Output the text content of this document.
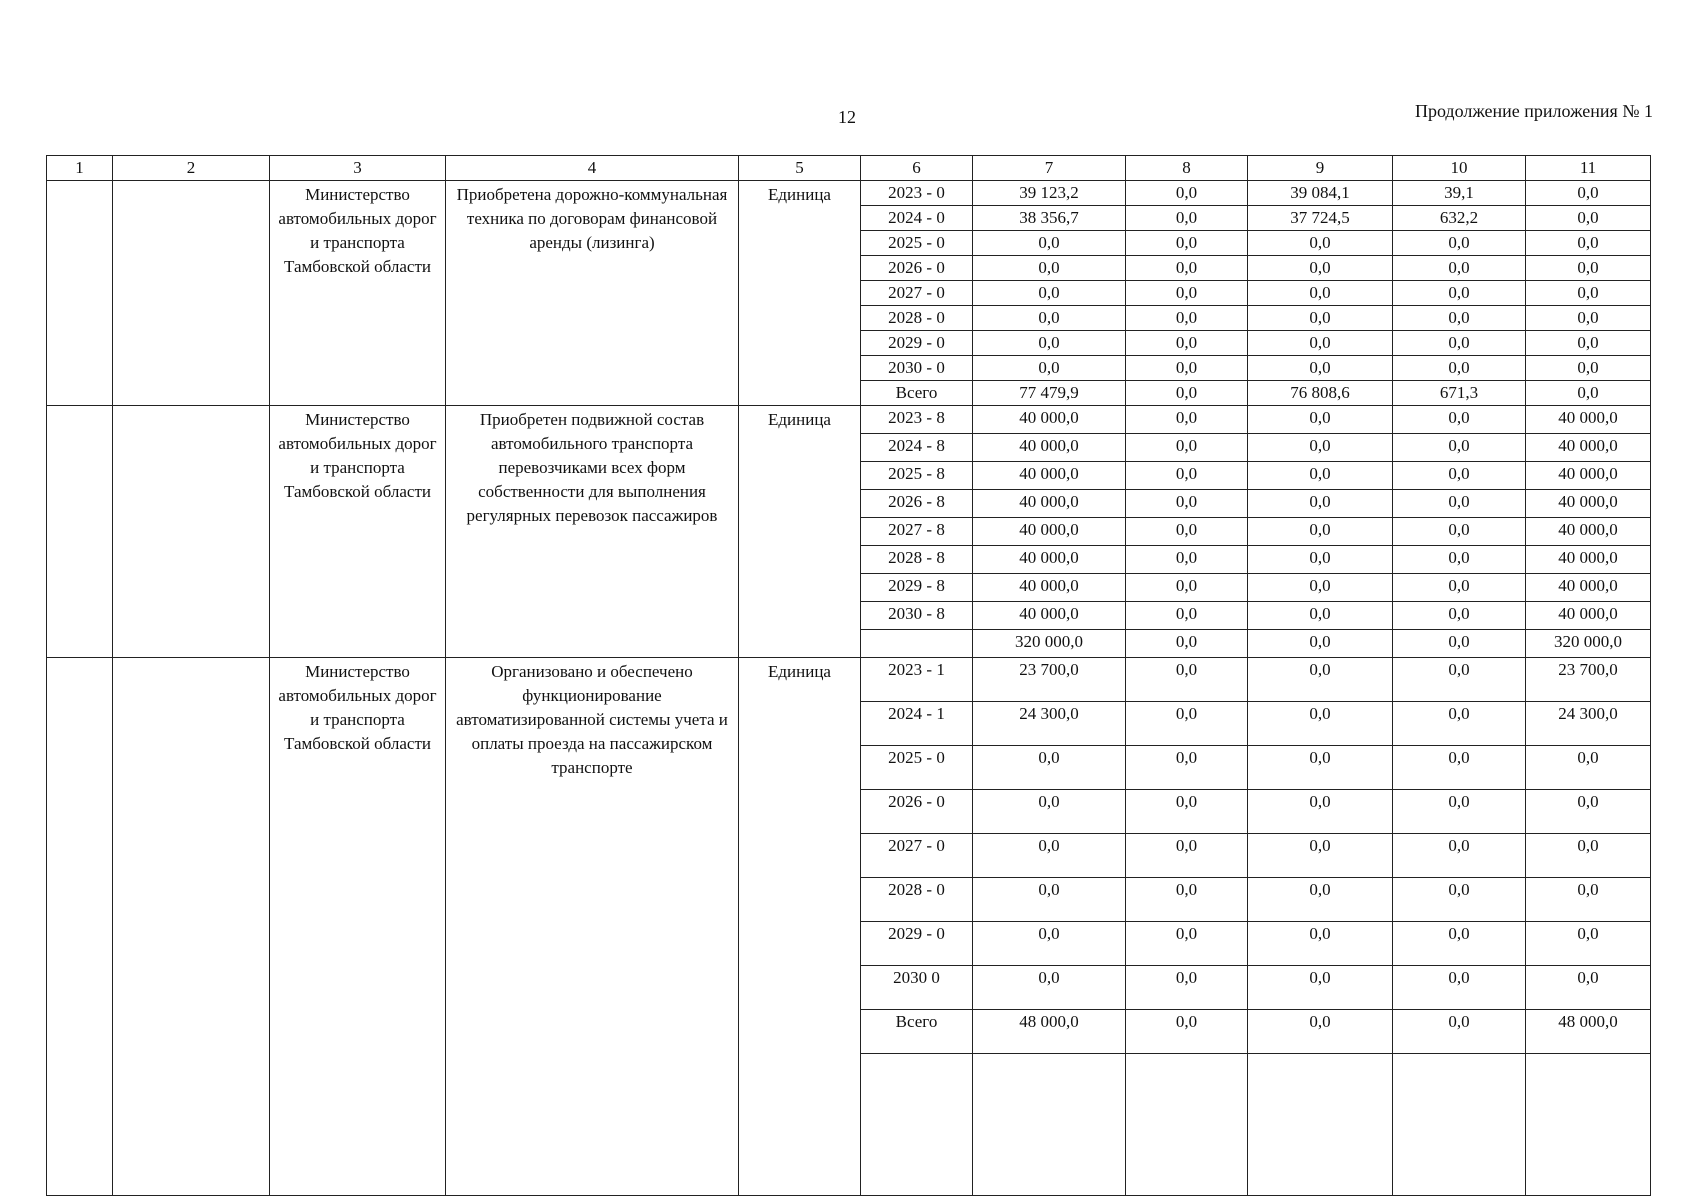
12	Продолжение приложения № 1
1	2	3	4	5	6	7	8	9	10	11
		Министерство автомобильных дорог и транспорта Тамбовской области	Приобретена дорожно-коммунальная техника по договорам финансовой аренды (лизинга)	Единица	2023 - 0	39 123,2	0,0	39 084,1	39,1	0,0
					2024 - 0	38 356,7	0,0	37 724,5	632,2	0,0
					2025 - 0	0,0	0,0	0,0	0,0	0,0
					2026 - 0	0,0	0,0	0,0	0,0	0,0
					2027 - 0	0,0	0,0	0,0	0,0	0,0
					2028 - 0	0,0	0,0	0,0	0,0	0,0
					2029 - 0	0,0	0,0	0,0	0,0	0,0
					2030 - 0	0,0	0,0	0,0	0,0	0,0
					Всего	77 479,9	0,0	76 808,6	671,3	0,0
		Министерство автомобильных дорог и транспорта Тамбовской области	Приобретен подвижной состав автомобильного транспорта перевозчиками всех форм собственности для выполнения регулярных перевозок пассажиров	Единица	2023 - 8	40 000,0	0,0	0,0	0,0	40 000,0
					2024 - 8	40 000,0	0,0	0,0	0,0	40 000,0
					2025 - 8	40 000,0	0,0	0,0	0,0	40 000,0
					2026 - 8	40 000,0	0,0	0,0	0,0	40 000,0
					2027 - 8	40 000,0	0,0	0,0	0,0	40 000,0
					2028 - 8	40 000,0	0,0	0,0	0,0	40 000,0
					2029 - 8	40 000,0	0,0	0,0	0,0	40 000,0
					2030 - 8	40 000,0	0,0	0,0	0,0	40 000,0
						320 000,0	0,0	0,0	0,0	320 000,0
		Министерство автомобильных дорог и транспорта Тамбовской области	Организовано и обеспечено функционирование автоматизированной системы учета и оплаты проезда на пассажирском транспорте	Единица	2023 - 1	23 700,0	0,0	0,0	0,0	23 700,0
					2024 - 1	24 300,0	0,0	0,0	0,0	24 300,0
					2025 - 0	0,0	0,0	0,0	0,0	0,0
					2026 - 0	0,0	0,0	0,0	0,0	0,0
					2027 - 0	0,0	0,0	0,0	0,0	0,0
					2028 - 0	0,0	0,0	0,0	0,0	0,0
					2029 - 0	0,0	0,0	0,0	0,0	0,0
					2030 0	0,0	0,0	0,0	0,0	0,0
					Всего	48 000,0	0,0	0,0	0,0	48 000,0
